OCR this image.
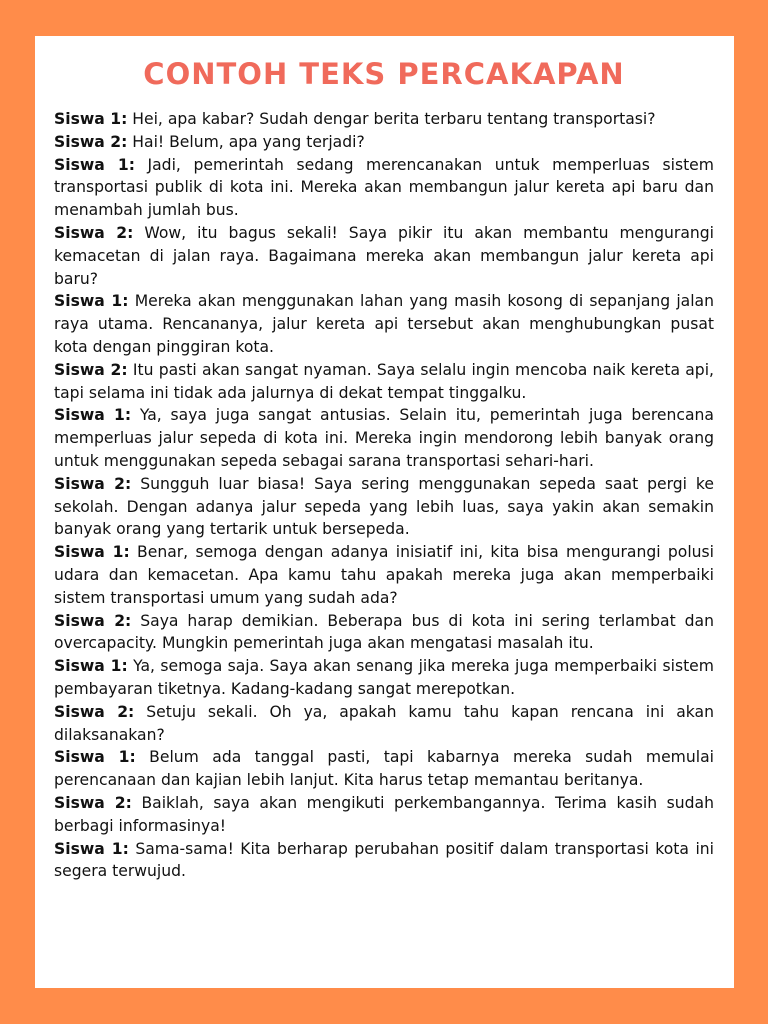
CONTOH TEKS PERCAKAPAN

Siswa 1: Hei, apa kabar? Sudah dengar berita terbaru tentang transportasi?

Siswa 2: Hai! Belum, apa yang terjadi?

Siswa 1: Jadi, pemerintah sedang merencanakan untuk memperluas sistem transportasi publik di kota ini. Mereka akan membangun jalur kereta api baru dan menambah jumlah bus.

Siswa 2: Wow, itu bagus sekali! Saya pikir itu akan membantu mengurangi kemacetan di jalan raya. Bagaimana mereka akan membangun jalur kereta api baru?

Siswa 1: Mereka akan menggunakan lahan yang masih kosong di sepanjang jalan raya utama. Rencananya, jalur kereta api tersebut akan menghubungkan pusat kota dengan pinggiran kota.

Siswa 2: Itu pasti akan sangat nyaman. Saya selalu ingin mencoba naik kereta api, tapi selama ini tidak ada jalurnya di dekat tempat tinggalku.

Siswa 1: Ya, saya juga sangat antusias. Selain itu, pemerintah juga berencana memperluas jalur sepeda di kota ini. Mereka ingin mendorong lebih banyak orang untuk menggunakan sepeda sebagai sarana transportasi sehari-hari.

Siswa 2: Sungguh luar biasa! Saya sering menggunakan sepeda saat pergi ke sekolah. Dengan adanya jalur sepeda yang lebih luas, saya yakin akan semakin banyak orang yang tertarik untuk bersepeda.

Siswa 1: Benar, semoga dengan adanya inisiatif ini, kita bisa mengurangi polusi udara dan kemacetan. Apa kamu tahu apakah mereka juga akan memperbaiki sistem transportasi umum yang sudah ada?

Siswa 2: Saya harap demikian. Beberapa bus di kota ini sering terlambat dan overcapacity. Mungkin pemerintah juga akan mengatasi masalah itu.

Siswa 1: Ya, semoga saja. Saya akan senang jika mereka juga memperbaiki sistem pembayaran tiketnya. Kadang-kadang sangat merepotkan.

Siswa 2: Setuju sekali. Oh ya, apakah kamu tahu kapan rencana ini akan dilaksanakan?

Siswa 1: Belum ada tanggal pasti, tapi kabarnya mereka sudah memulai perencanaan dan kajian lebih lanjut. Kita harus tetap memantau beritanya.

Siswa 2: Baiklah, saya akan mengikuti perkembangannya. Terima kasih sudah berbagi informasinya!

Siswa 1: Sama-sama! Kita berharap perubahan positif dalam transportasi kota ini segera terwujud.
